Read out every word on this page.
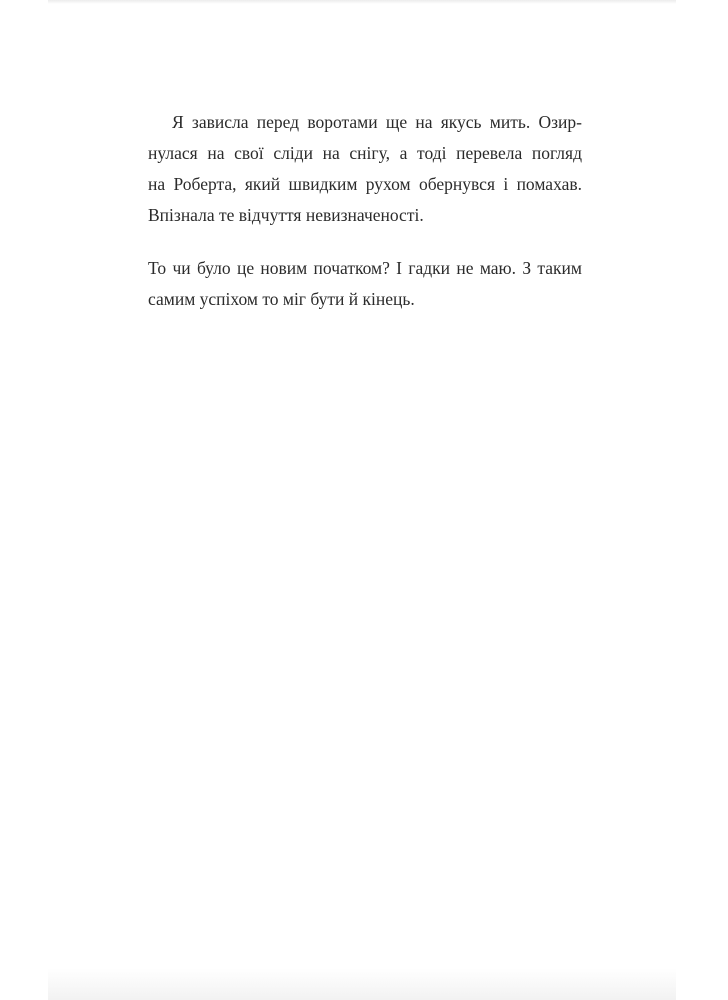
Я зависла перед воротами ще на якусь мить. Озир-
нулася на свої сліди на снігу, а тоді перевела погляд
на Роберта, який швидким рухом обернувся і помахав.
Впізнала те відчуття невизначеності.
То чи було це новим початком? І гадки не маю. З таким
самим успіхом то міг бути й кінець.
